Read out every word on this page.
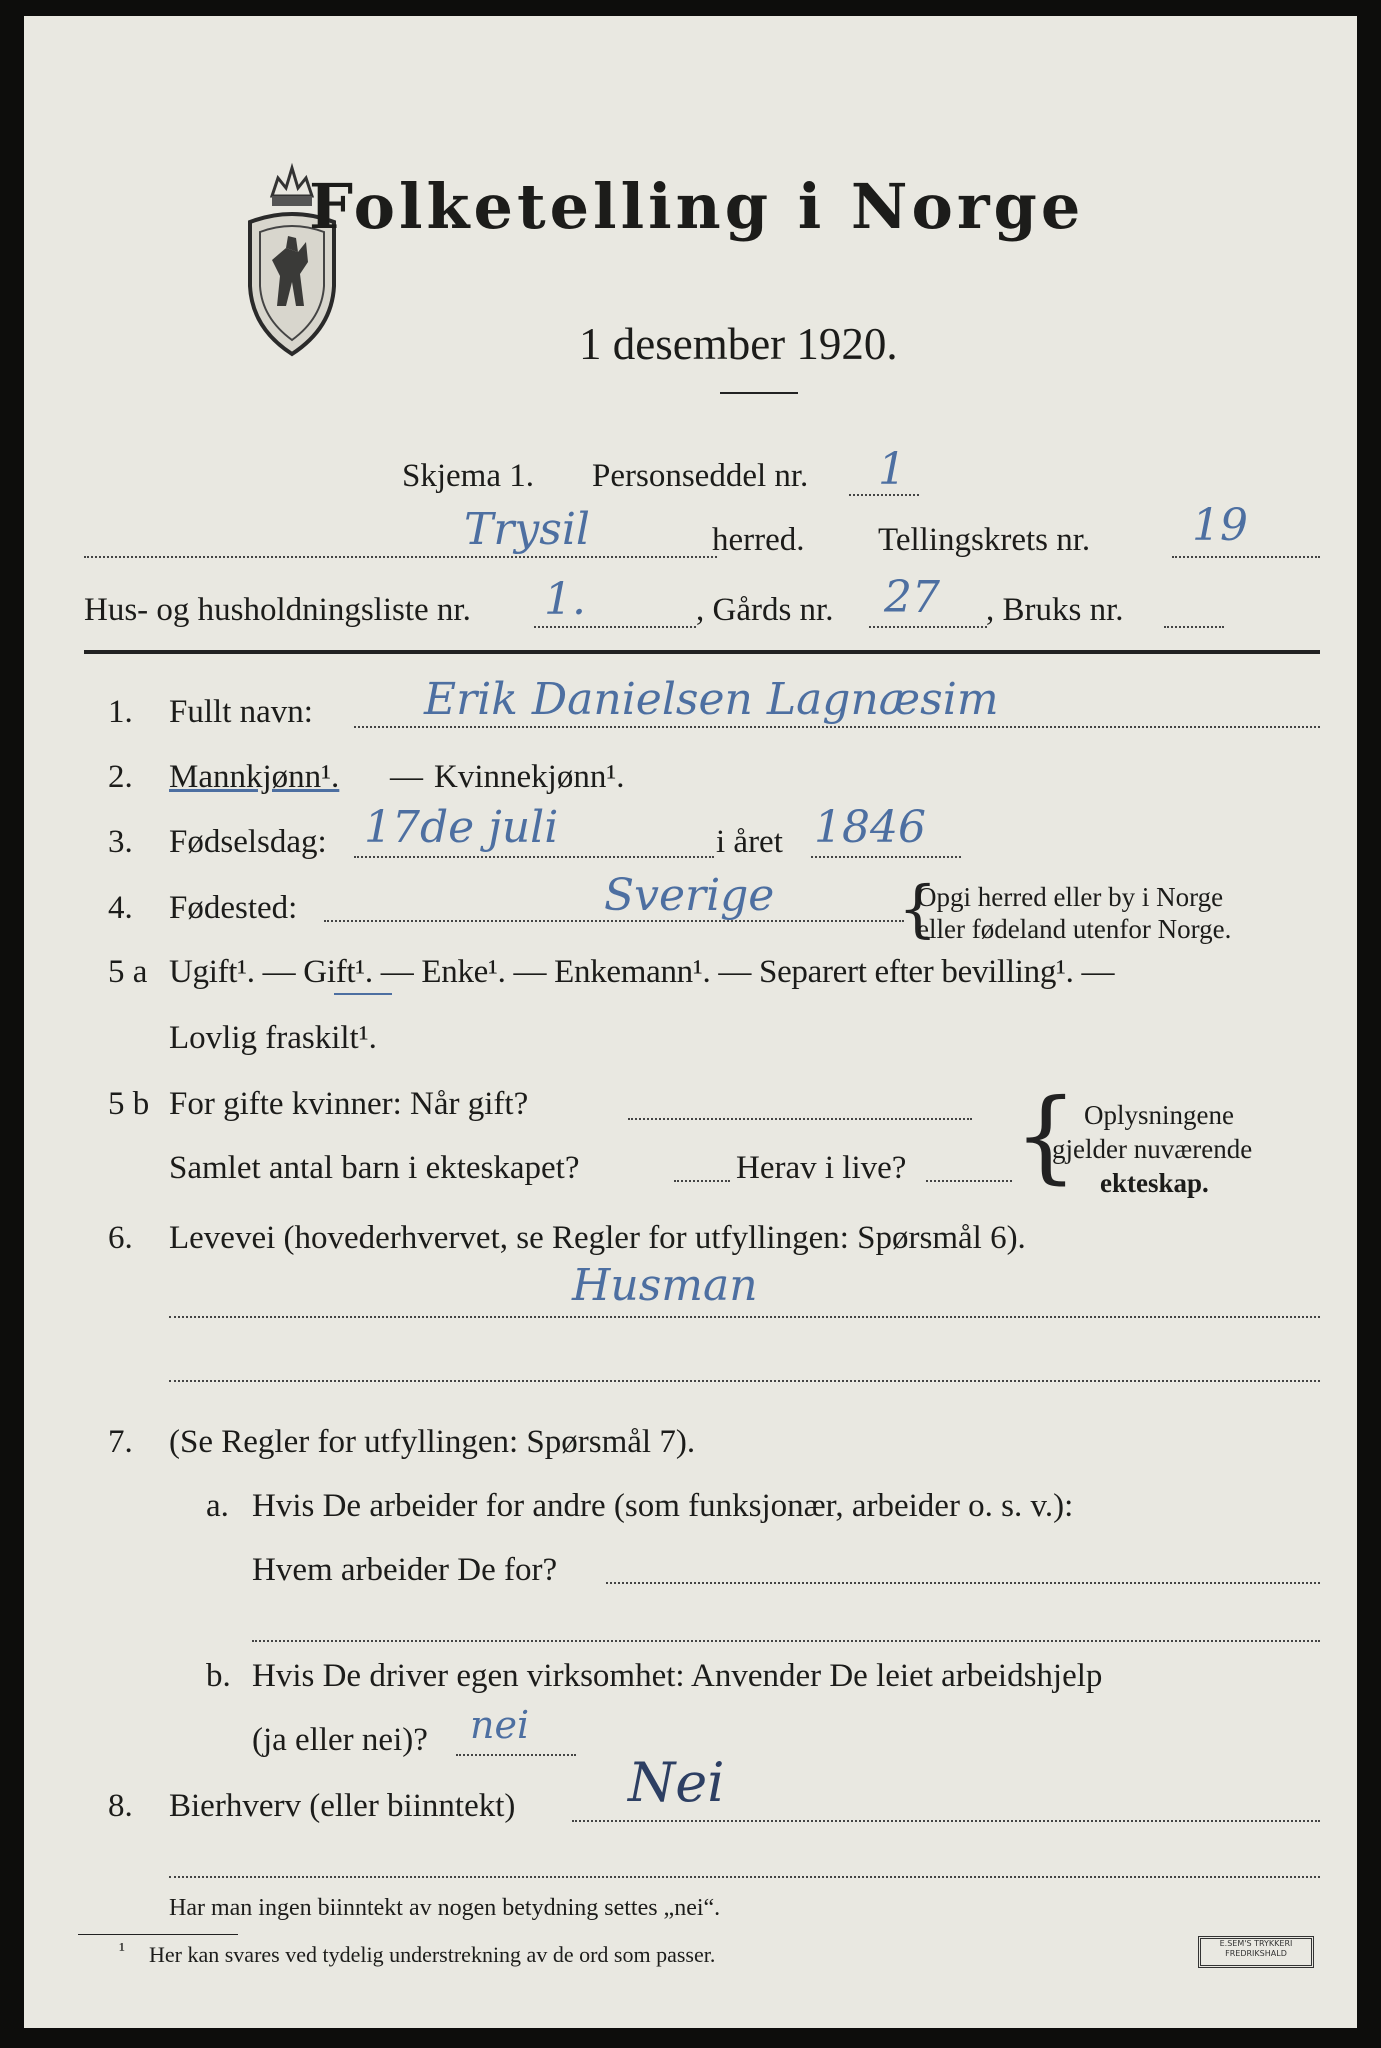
Folketelling i Norge
1 desember 1920.
Skjema 1. Personseddel nr. 1
Trysil	herred. Tellingskrets nr. 19
Hus- og husholdningsliste nr. 1.	, Gårds nr. 27 , Bruks nr.
1. Fullt navn:	Erik Danielsen Lagnæsim
2. Mannkjønn¹. — Kvinnekjønn¹.
3. Fødselsdag: 17de juli	i året 1846
4. Fødested:	Sverige {
Opgi herred eller by i Norge
eller fødeland utenfor Norge.
5 a Ugift¹. — Gift¹. — Enke¹. — Enkemann¹. — Separert efter bevilling¹. —
Lovlig fraskilt¹.
5 b For gifte kvinner: Når gift?
Samlet antal barn i ekteskapet?	Herav i live? { Oplysningene
gjelder nuværende
ekteskap.
6. Levevei (hovederhvervet, se Regler for utfyllingen: Spørsmål 6).
Husman
7. (Se Regler for utfyllingen: Spørsmål 7).
a. Hvis De arbeider for andre (som funksjonær, arbeider o. s. v.):
Hvem arbeider De for?
b. Hvis De driver egen virksomhet: Anvender De leiet arbeidshjelp
(ja eller nei)? nei
8. Bierhverv (eller biinntekt) Nei
Har man ingen biinntekt av nogen betydning settes „nei“.
¹ Her kan svares ved tydelig understrekning av de ord som passer.	E.SEM'S TRYKKERI
FREDRIKSHALD
